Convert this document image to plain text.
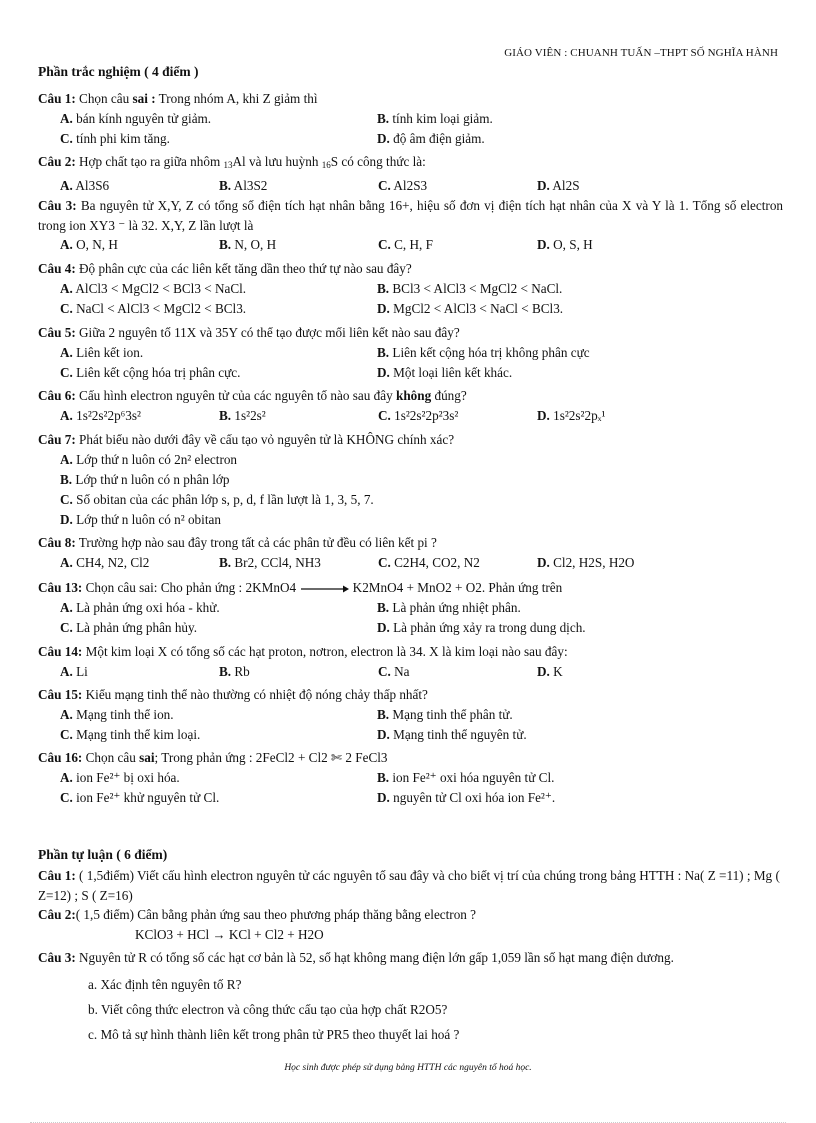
GIÁO VIÊN : CHUANH TUẤN –THPT SỐ NGHĨA HÀNH
Phần trắc nghiệm ( 4 điểm )
Câu 1: Chọn câu sai : Trong nhóm A, khi Z giảm thì
A. bán kính nguyên tử giảm.	B. tính kim loại giảm.
C. tính phi kim tăng.	D. độ âm điện giảm.
Câu 2: Hợp chất tạo ra giữa nhôm $_{13}$Al và lưu huỳnh $_{16}$S có công thức là:
A. Al3S6	B. Al3S2	C. Al2S3	D. Al2S
Câu 3: Ba nguyên tử X,Y, Z có tổng số điện tích hạt nhân bằng 16+, hiệu số đơn vị điện tích hạt nhân của X và Y là 1. Tổng số electron trong ion XY3 ⁻ là 32. X,Y, Z lần lượt là
A. O, N, H	B. N, O, H	C. C, H, F	D. O, S, H
Câu 4: Độ phân cực của các liên kết tăng dần theo thứ tự nào sau đây?
A. AlCl3 < MgCl2 < BCl3 < NaCl.	B. BCl3 < AlCl3 < MgCl2 < NaCl.
C. NaCl < AlCl3 < MgCl2 < BCl3.	D. MgCl2 < AlCl3 < NaCl < BCl3.
Câu 5: Giữa 2 nguyên tố 11X và 35Y có thể tạo được mối liên kết nào sau đây?
A. Liên kết ion.	B. Liên kết cộng hóa trị không phân cực
C. Liên kết cộng hóa trị phân cực.	D. Một loại liên kết khác.
Câu 6: Cấu hình electron nguyên tử của các nguyên tố nào sau đây không đúng?
A. 1s²2s²2p⁶3s²	B. 1s²2s²	C. 1s²2s²2p²3s²	D. 1s²2s²2pₓ¹
Câu 7: Phát biểu nào dưới đây về cấu tạo vỏ nguyên tử là KHÔNG chính xác?
A. Lớp thứ n luôn có 2n² electron
B. Lớp thứ n luôn có n phân lớp
C. Số obitan của các phân lớp s, p, d, f lần lượt là 1, 3, 5, 7.
D. Lớp thứ n luôn có n² obitan
Câu 8: Trường hợp nào sau đây trong tất cả các phân tử đều có liên kết pi ?
A. CH4, N2, Cl2	B. Br2, CCl4, NH3	C. C2H4, CO2, N2	D. Cl2, H2S, H2O
Câu 13: Chọn câu sai: Cho phản ứng : 2KMnO4 → K2MnO4 + MnO2 + O2. Phản ứng trên
A. Là phản ứng oxi hóa - khử.	B. Là phản ứng nhiệt phân.
C. Là phản ứng phân hủy.	D. Là phản ứng xảy ra trong dung dịch.
Câu 14: Một kim loại X có tổng số các hạt proton, nơtron, electron là 34. X là kim loại nào sau đây:
A. Li	B. Rb	C. Na	D. K
Câu 15: Kiểu mạng tinh thể nào thường có nhiệt độ nóng chảy thấp nhất?
A. Mạng tinh thể ion.	B. Mạng tinh thể phân tử.
C. Mạng tinh thể kim loại.	D. Mạng tinh thể nguyên tử.
Câu 16: Chọn câu sai; Trong phản ứng : 2FeCl2 + Cl2 ✄ 2 FeCl3
A. ion Fe²⁺ bị oxi hóa.	B. ion Fe²⁺ oxi hóa nguyên tử Cl.
C. ion Fe²⁺ khử nguyên tử Cl.	D. nguyên tử Cl oxi hóa ion Fe²⁺.
Phần tự luận ( 6 điểm)
Câu 1: ( 1,5điểm) Viết cấu hình electron nguyên tử các nguyên tố sau đây và cho biết vị trí của chúng trong bảng HTTH : Na( Z =11) ; Mg ( Z=12) ; S ( Z=16)
Câu 2:( 1,5 điểm) Cân bằng phản ứng sau theo phương pháp thăng bằng electron ?
KClO3 + HCl → KCl + Cl2 + H2O
Câu 3: Nguyên tử R có tổng số các hạt cơ bản là 52, số hạt không mang điện lớn gấp 1,059 lần số hạt mang điện dương.
a. Xác định tên nguyên tố R?
b. Viết công thức electron và công thức cấu tạo của hợp chất R2O5?
c. Mô tả sự hình thành liên kết trong phân tử PR5 theo thuyết lai hoá ?
Học sinh được phép sử dụng bảng HTTH các nguyên tố hoá học.
